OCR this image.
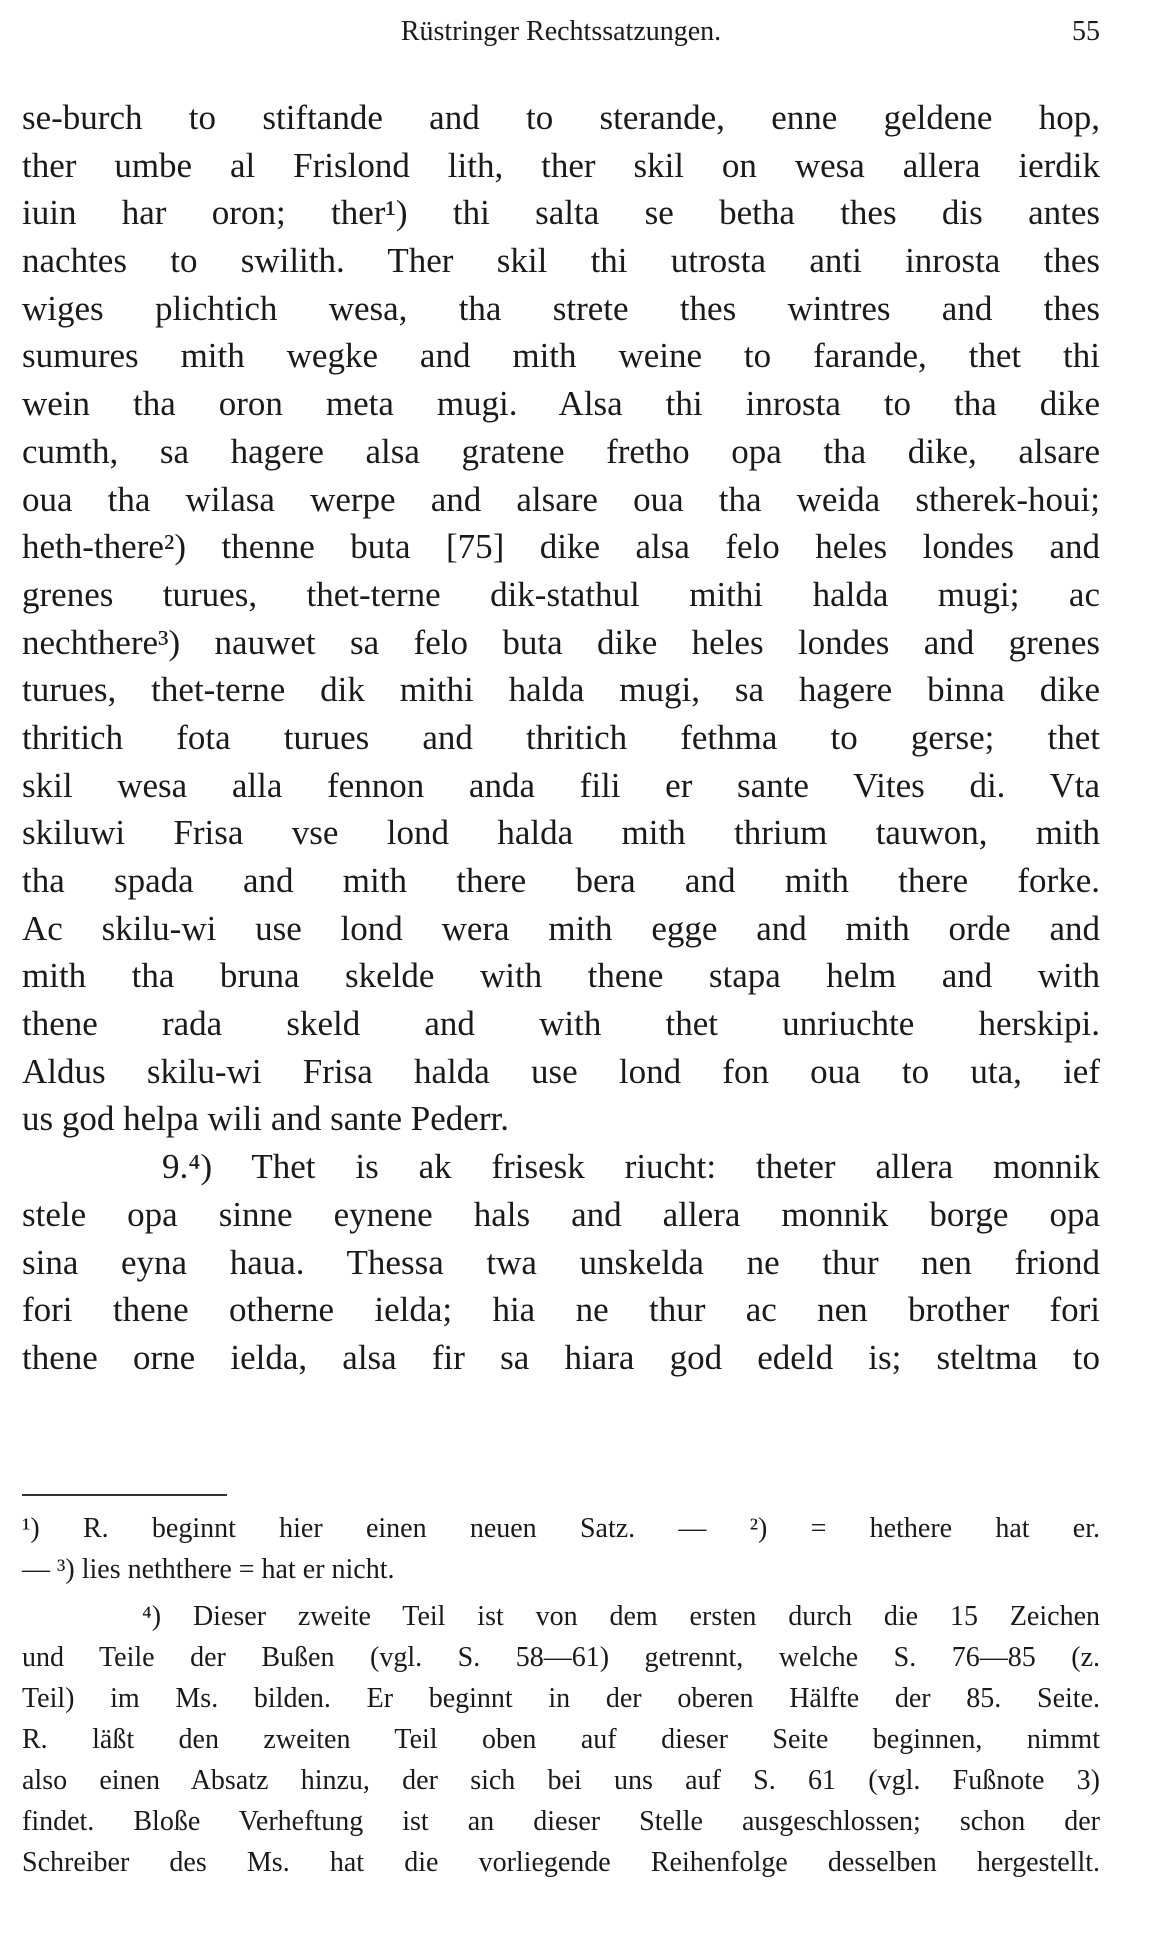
Rüstringer Rechtssatzungen.	55
se-burch to stiftande and to sterande, enne geldene hop,
ther umbe al Frislond lith, ther skil on wesa allera ierdik
iuin har oron; ther¹) thi salta se betha thes dis antes
nachtes to swilith. Ther skil thi utrosta anti inrosta thes
wiges plichtich wesa, tha strete thes wintres and thes
sumures mith wegke and mith weine to farande, thet thi
wein tha oron meta mugi. Alsa thi inrosta to tha dike
cumth, sa hagere alsa gratene fretho opa tha dike, alsare
oua tha wilasa werpe and alsare oua tha weida stherek-houi;
heth-there²) thenne buta [75] dike alsa felo heles londes and
grenes turues, thet-terne dik-stathul mithi halda mugi; ac
nechthere³) nauwet sa felo buta dike heles londes and grenes
turues, thet-terne dik mithi halda mugi, sa hagere binna dike
thritich fota turues and thritich fethma to gerse; thet
skil wesa alla fennon anda fili er sante Vites di. Vta
skiluwi Frisa vse lond halda mith thrium tauwon, mith
tha spada and mith there bera and mith there forke.
Ac skilu-wi use lond wera mith egge and mith orde and
mith tha bruna skelde with thene stapa helm and with
thene rada skeld and with thet unriuchte herskipi.
Aldus skilu-wi Frisa halda use lond fon oua to uta, ief
us god helpa wili and sante Pederr.
9.⁴) Thet is ak frisesk riucht: theter allera monnik
stele opa sinne eynene hals and allera monnik borge opa
sina eyna haua. Thessa twa unskelda ne thur nen friond
fori thene otherne ielda; hia ne thur ac nen brother fori
thene orne ielda, alsa fir sa hiara god edeld is; steltma to
¹) R. beginnt hier einen neuen Satz. — ²) = hethere hat er.
— ³) lies neththere = hat er nicht.
⁴) Dieser zweite Teil ist von dem ersten durch die 15 Zeichen
und Teile der Bußen (vgl. S. 58—61) getrennt, welche S. 76—85 (z.
Teil) im Ms. bilden. Er beginnt in der oberen Hälfte der 85. Seite.
R. läßt den zweiten Teil oben auf dieser Seite beginnen, nimmt
also einen Absatz hinzu, der sich bei uns auf S. 61 (vgl. Fußnote 3)
findet. Bloße Verheftung ist an dieser Stelle ausgeschlossen; schon der
Schreiber des Ms. hat die vorliegende Reihenfolge desselben hergestellt.
